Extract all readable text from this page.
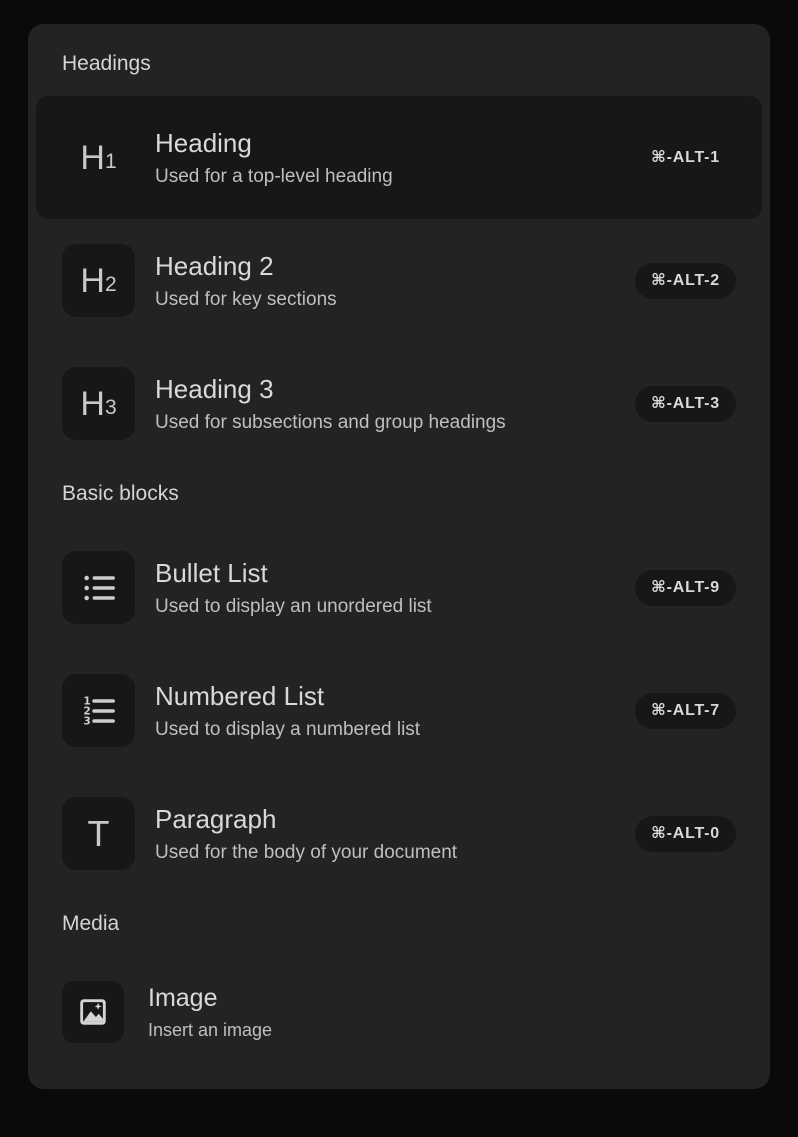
Headings
H 1
Heading
Used for a top-level heading
⌘-ALT-1
H 2
Heading 2
Used for key sections
⌘-ALT-2
H 3
Heading 3
Used for subsections and group headings
⌘-ALT-3
Basic blocks
Bullet List
Used to display an unordered list
⌘-ALT-9
1
2
3
Numbered List
Used to display a numbered list
⌘-ALT-7
T Paragraph
Used for the body of your document
⌘-ALT-0
Media
Image
Insert an image
